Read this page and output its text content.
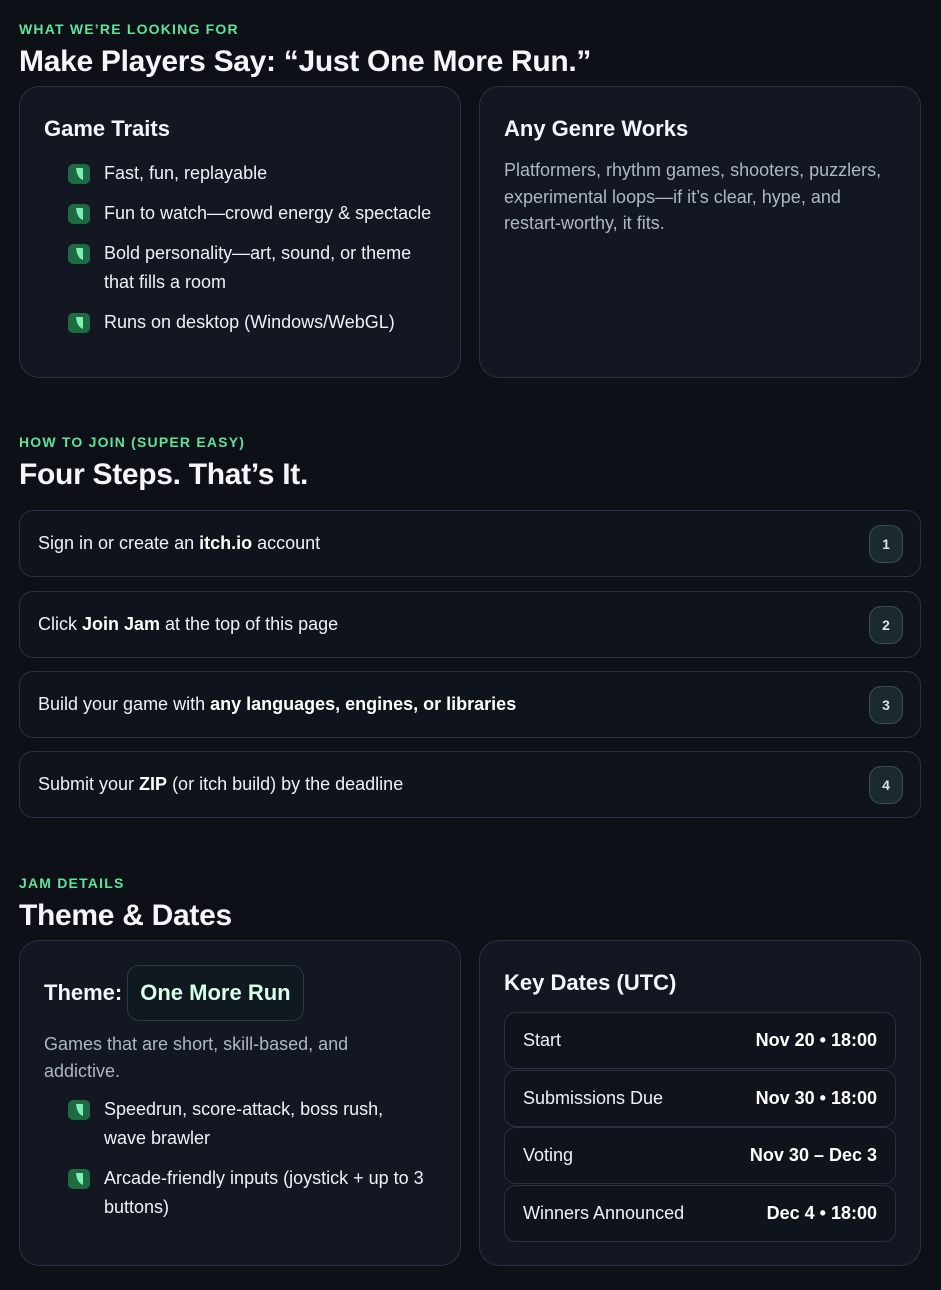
WHAT WE’RE LOOKING FOR
Make Players Say: “Just One More Run.”
Game Traits
Fast, fun, replayable
Fun to watch—crowd energy & spectacle
Bold personality—art, sound, or theme that fills a room
Runs on desktop (Windows/WebGL)
Any Genre Works
Platformers, rhythm games, shooters, puzzlers, experimental loops—if it’s clear, hype, and restart-worthy, it fits.
HOW TO JOIN (SUPER EASY)
Four Steps. That’s It.
Sign in or create an itch.io account	1
Click Join Jam at the top of this page	2
Build your game with any languages, engines, or libraries	3
Submit your ZIP (or itch build) by the deadline	4
JAM DETAILS
Theme & Dates
Theme: One More Run
Games that are short, skill-based, and addictive.
Speedrun, score-attack, boss rush, wave brawler
Arcade-friendly inputs (joystick + up to 3 buttons)
Key Dates (UTC)
Start	Nov 20 • 18:00
Submissions Due	Nov 30 • 18:00
Voting	Nov 30 – Dec 3
Winners Announced	Dec 4 • 18:00
